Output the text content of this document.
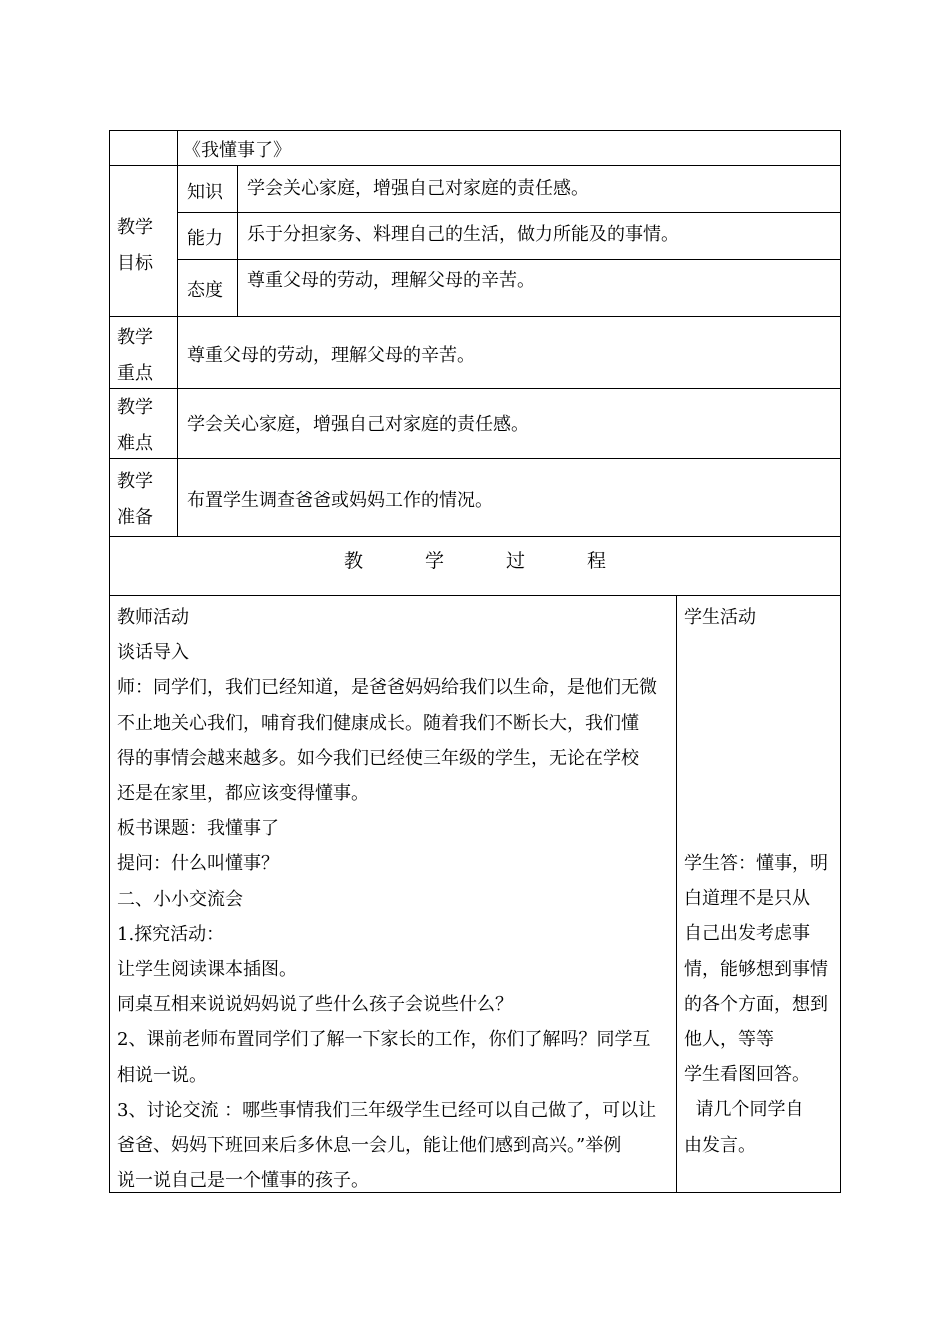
《我懂事了》
教学
目标
知识 学会关心家庭，增强自己对家庭的责任感。
能力 乐于分担家务、料理自己的生活，做力所能及的事情。
态度 尊重父母的劳动，理解父母的辛苦。
教学
重点
尊重父母的劳动，理解父母的辛苦。
教学
难点
学会关心家庭，增强自己对家庭的责任感。
教学
准备
布置学生调查爸爸或妈妈工作的情况。
教学过程
教师活动
谈话导入
师：同学们，我们已经知道，是爸爸妈妈给我们以生命，是他们无微
不止地关心我们，哺育我们健康成长。随着我们不断长大，我们懂
得的事情会越来越多。如今我们已经使三年级的学生，无论在学校
还是在家里，都应该变得懂事。
板书课题：我懂事了
提问：什么叫懂事？
二、小小交流会
1.探究活动：
让学生阅读课本插图。
同桌互相来说说妈妈说了些什么孩子会说些什么？
2、课前老师布置同学们了解一下家长的工作，你们了解吗？同学互
相说一说。
3、讨论交流 ：哪些事情我们三年级学生已经可以自己做了，可以让
爸爸、妈妈下班回来后多休息一会儿，能让他们感到高兴。”举例
说一说自己是一个懂事的孩子。
学生活动
学生答：懂事，明
白道理不是只从
自己出发考虑事
情，能够想到事情
的各个方面，想到
他人，等等
学生看图回答。
请几个同学自
由发言。
